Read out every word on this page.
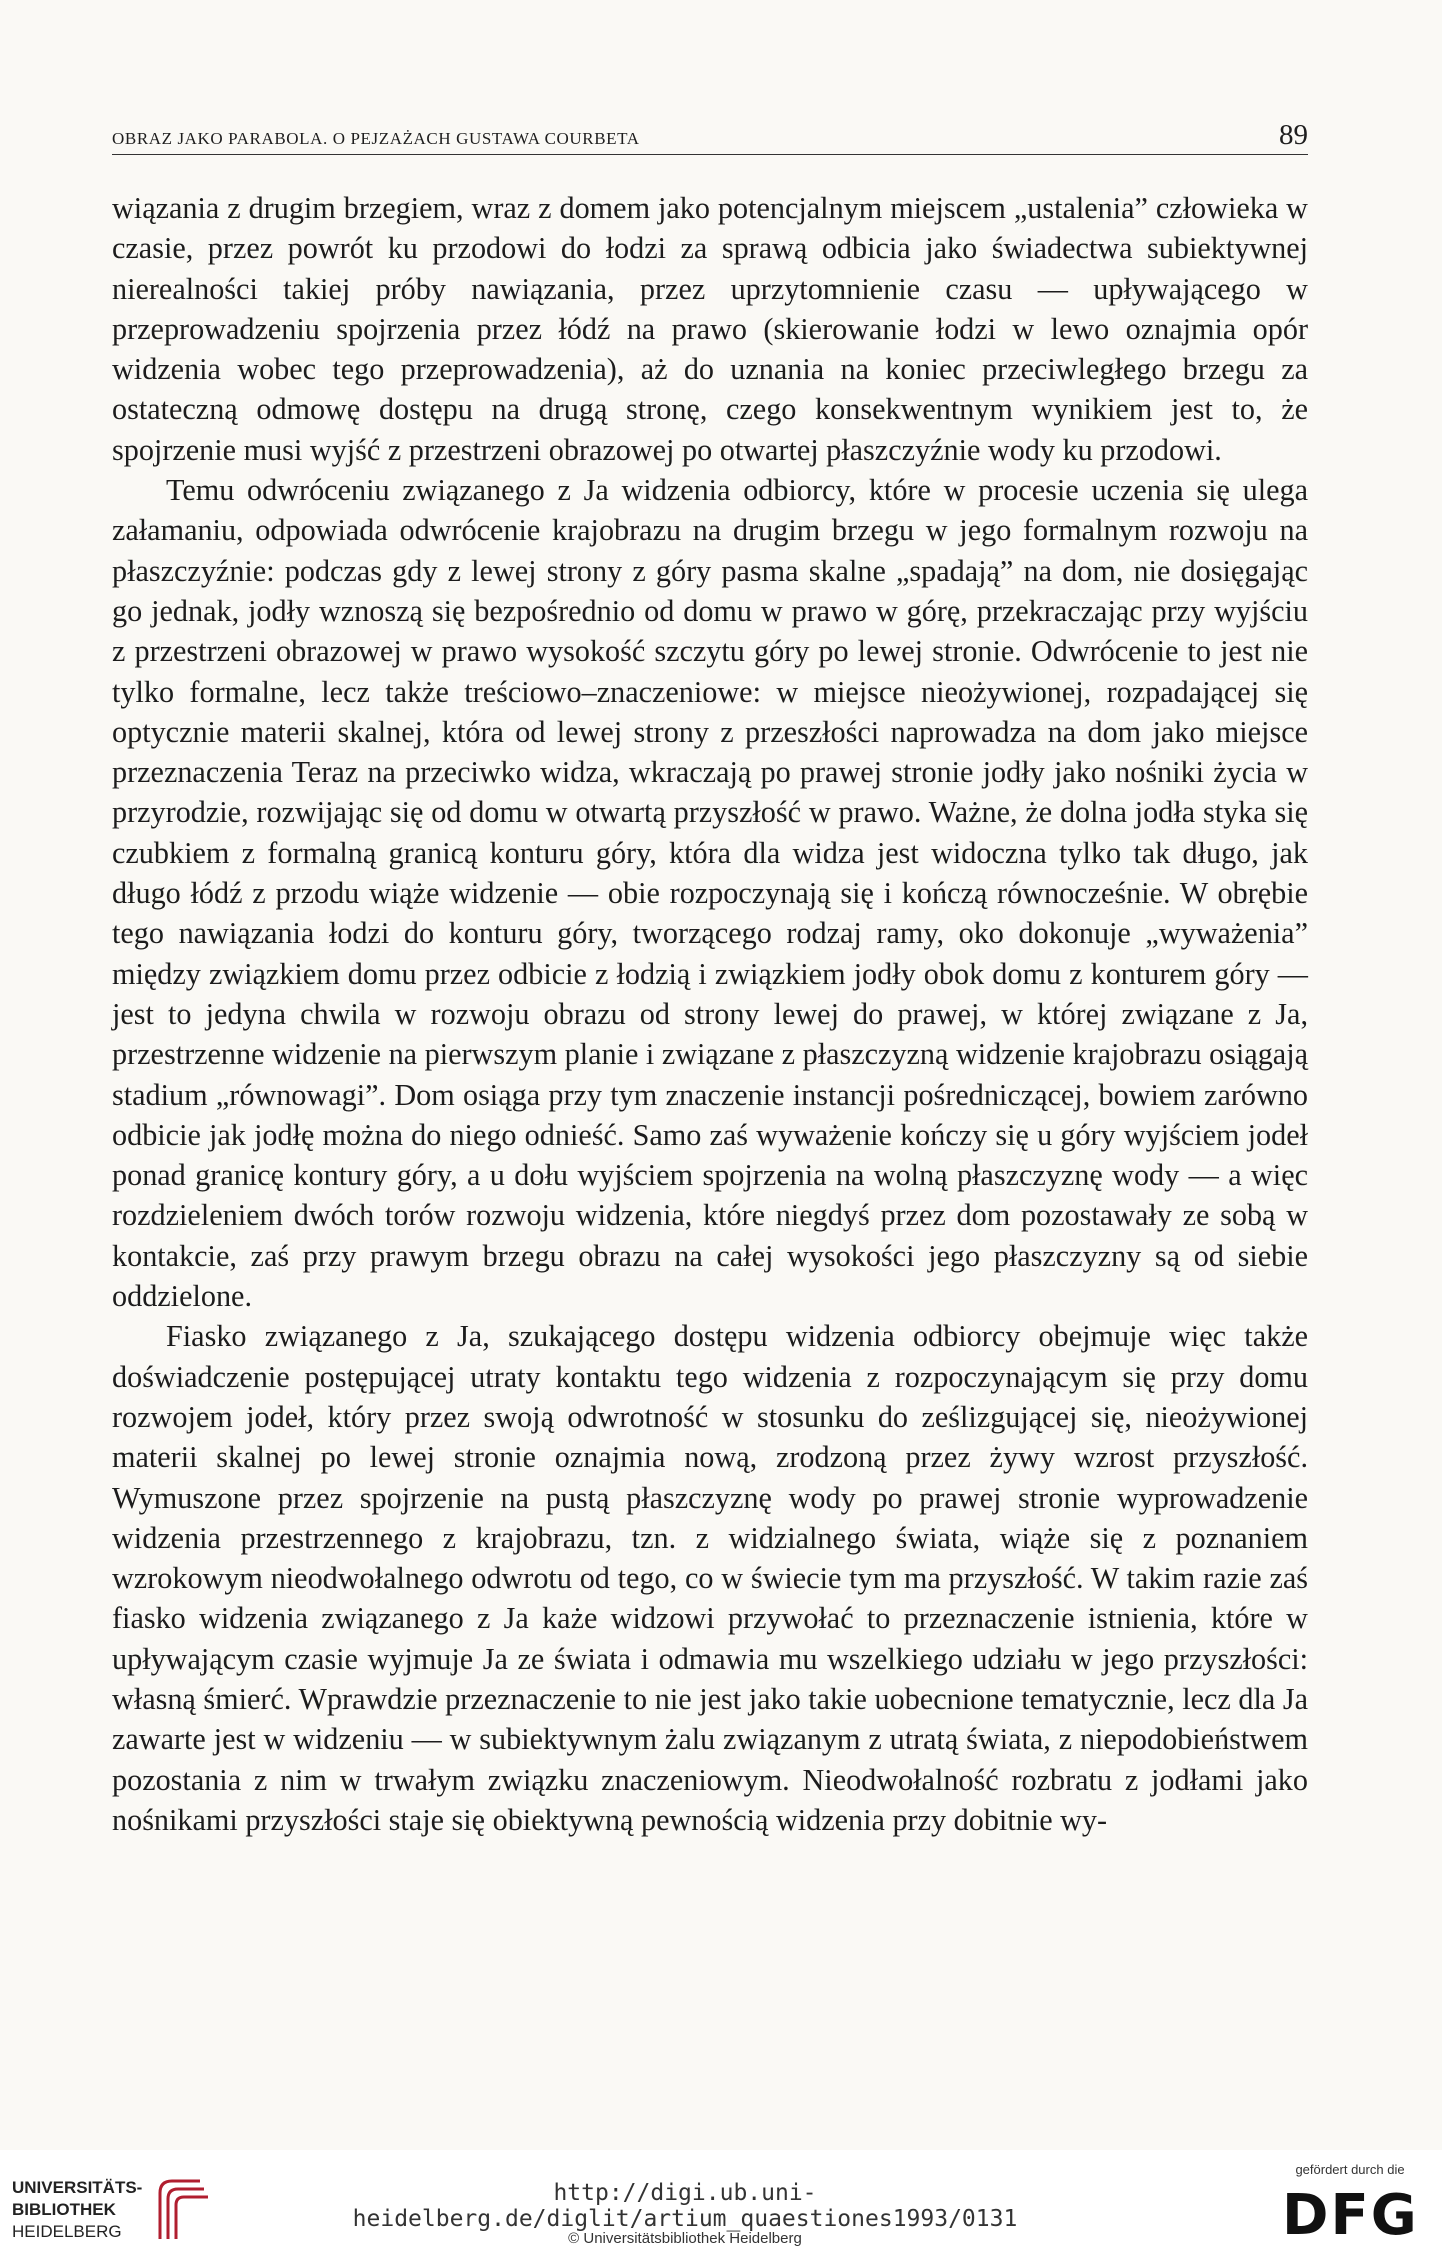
OBRAZ JAKO PARABOLA. O PEJZAŻACH GUSTAWA COURBETA	89

wiązania z drugim brzegiem, wraz z domem jako potencjalnym miejscem „ustalenia” człowieka w czasie, przez powrót ku przodowi do łodzi za sprawą odbicia jako świadectwa subiektywnej nierealności takiej próby nawiązania, przez uprzytomnienie czasu — upływającego w przeprowadzeniu spojrzenia przez łódź na prawo (skierowanie łodzi w lewo oznajmia opór widzenia wobec tego przeprowadzenia), aż do uznania na koniec przeciwległego brzegu za ostateczną odmowę dostępu na drugą stronę, czego konsekwentnym wynikiem jest to, że spojrzenie musi wyjść z przestrzeni obrazowej po otwartej płaszczyźnie wody ku przodowi.

Temu odwróceniu związanego z Ja widzenia odbiorcy, które w procesie uczenia się ulega załamaniu, odpowiada odwrócenie krajobrazu na drugim brzegu w jego formalnym rozwoju na płaszczyźnie: podczas gdy z lewej strony z góry pasma skalne „spadają” na dom, nie dosięgając go jednak, jodły wznoszą się bezpośrednio od domu w prawo w górę, przekraczając przy wyjściu z przestrzeni obrazowej w prawo wysokość szczytu góry po lewej stronie. Odwrócenie to jest nie tylko formalne, lecz także treściowo–znaczeniowe: w miejsce nieożywionej, rozpadającej się optycznie materii skalnej, która od lewej strony z przeszłości naprowadza na dom jako miejsce przeznaczenia Teraz na przeciwko widza, wkraczają po prawej stronie jodły jako nośniki życia w przyrodzie, rozwijając się od domu w otwartą przyszłość w prawo. Ważne, że dolna jodła styka się czubkiem z formalną granicą konturu góry, która dla widza jest widoczna tylko tak długo, jak długo łódź z przodu wiąże widzenie — obie rozpoczynają się i kończą równocześnie. W obrębie tego nawiązania łodzi do konturu góry, tworzącego rodzaj ramy, oko dokonuje „wyważenia” między związkiem domu przez odbicie z łodzią i związkiem jodły obok domu z konturem góry — jest to jedyna chwila w rozwoju obrazu od strony lewej do prawej, w której związane z Ja, przestrzenne widzenie na pierwszym planie i związane z płaszczyzną widzenie krajobrazu osiągają stadium „równowagi”. Dom osiąga przy tym znaczenie instancji pośredniczącej, bowiem zarówno odbicie jak jodłę można do niego odnieść. Samo zaś wyważenie kończy się u góry wyjściem jodeł ponad granicę kontury góry, a u dołu wyjściem spojrzenia na wolną płaszczyznę wody — a więc rozdzieleniem dwóch torów rozwoju widzenia, które niegdyś przez dom pozostawały ze sobą w kontakcie, zaś przy prawym brzegu obrazu na całej wysokości jego płaszczyzny są od siebie oddzielone.

Fiasko związanego z Ja, szukającego dostępu widzenia odbiorcy obejmuje więc także doświadczenie postępującej utraty kontaktu tego widzenia z rozpoczynającym się przy domu rozwojem jodeł, który przez swoją odwrotność w stosunku do ześlizgującej się, nieożywionej materii skalnej po lewej stronie oznajmia nową, zrodzoną przez żywy wzrost przyszłość. Wymuszone przez spojrzenie na pustą płaszczyznę wody po prawej stronie wyprowadzenie widzenia przestrzennego z krajobrazu, tzn. z widzialnego świata, wiąże się z poznaniem wzrokowym nieodwołalnego odwrotu od tego, co w świecie tym ma przyszłość. W takim razie zaś fiasko widzenia związanego z Ja każe widzowi przywołać to przeznaczenie istnienia, które w upływającym czasie wyjmuje Ja ze świata i odmawia mu wszelkiego udziału w jego przyszłości: własną śmierć. Wprawdzie przeznaczenie to nie jest jako takie uobecnione tematycznie, lecz dla Ja zawarte jest w widzeniu — w subiektywnym żalu związanym z utratą świata, z niepodobieństwem pozostania z nim w trwałym związku znaczeniowym. Nieodwołalność rozbratu z jodłami jako nośnikami przyszłości staje się obiektywną pewnością widzenia przy dobitnie wy-

UNIVERSITÄTS-
BIBLIOTHEK
HEIDELBERG
http://digi.ub.uni-heidelberg.de/diglit/artium_quaestiones1993/0131
© Universitätsbibliothek Heidelberg
gefördert durch die
DFG
